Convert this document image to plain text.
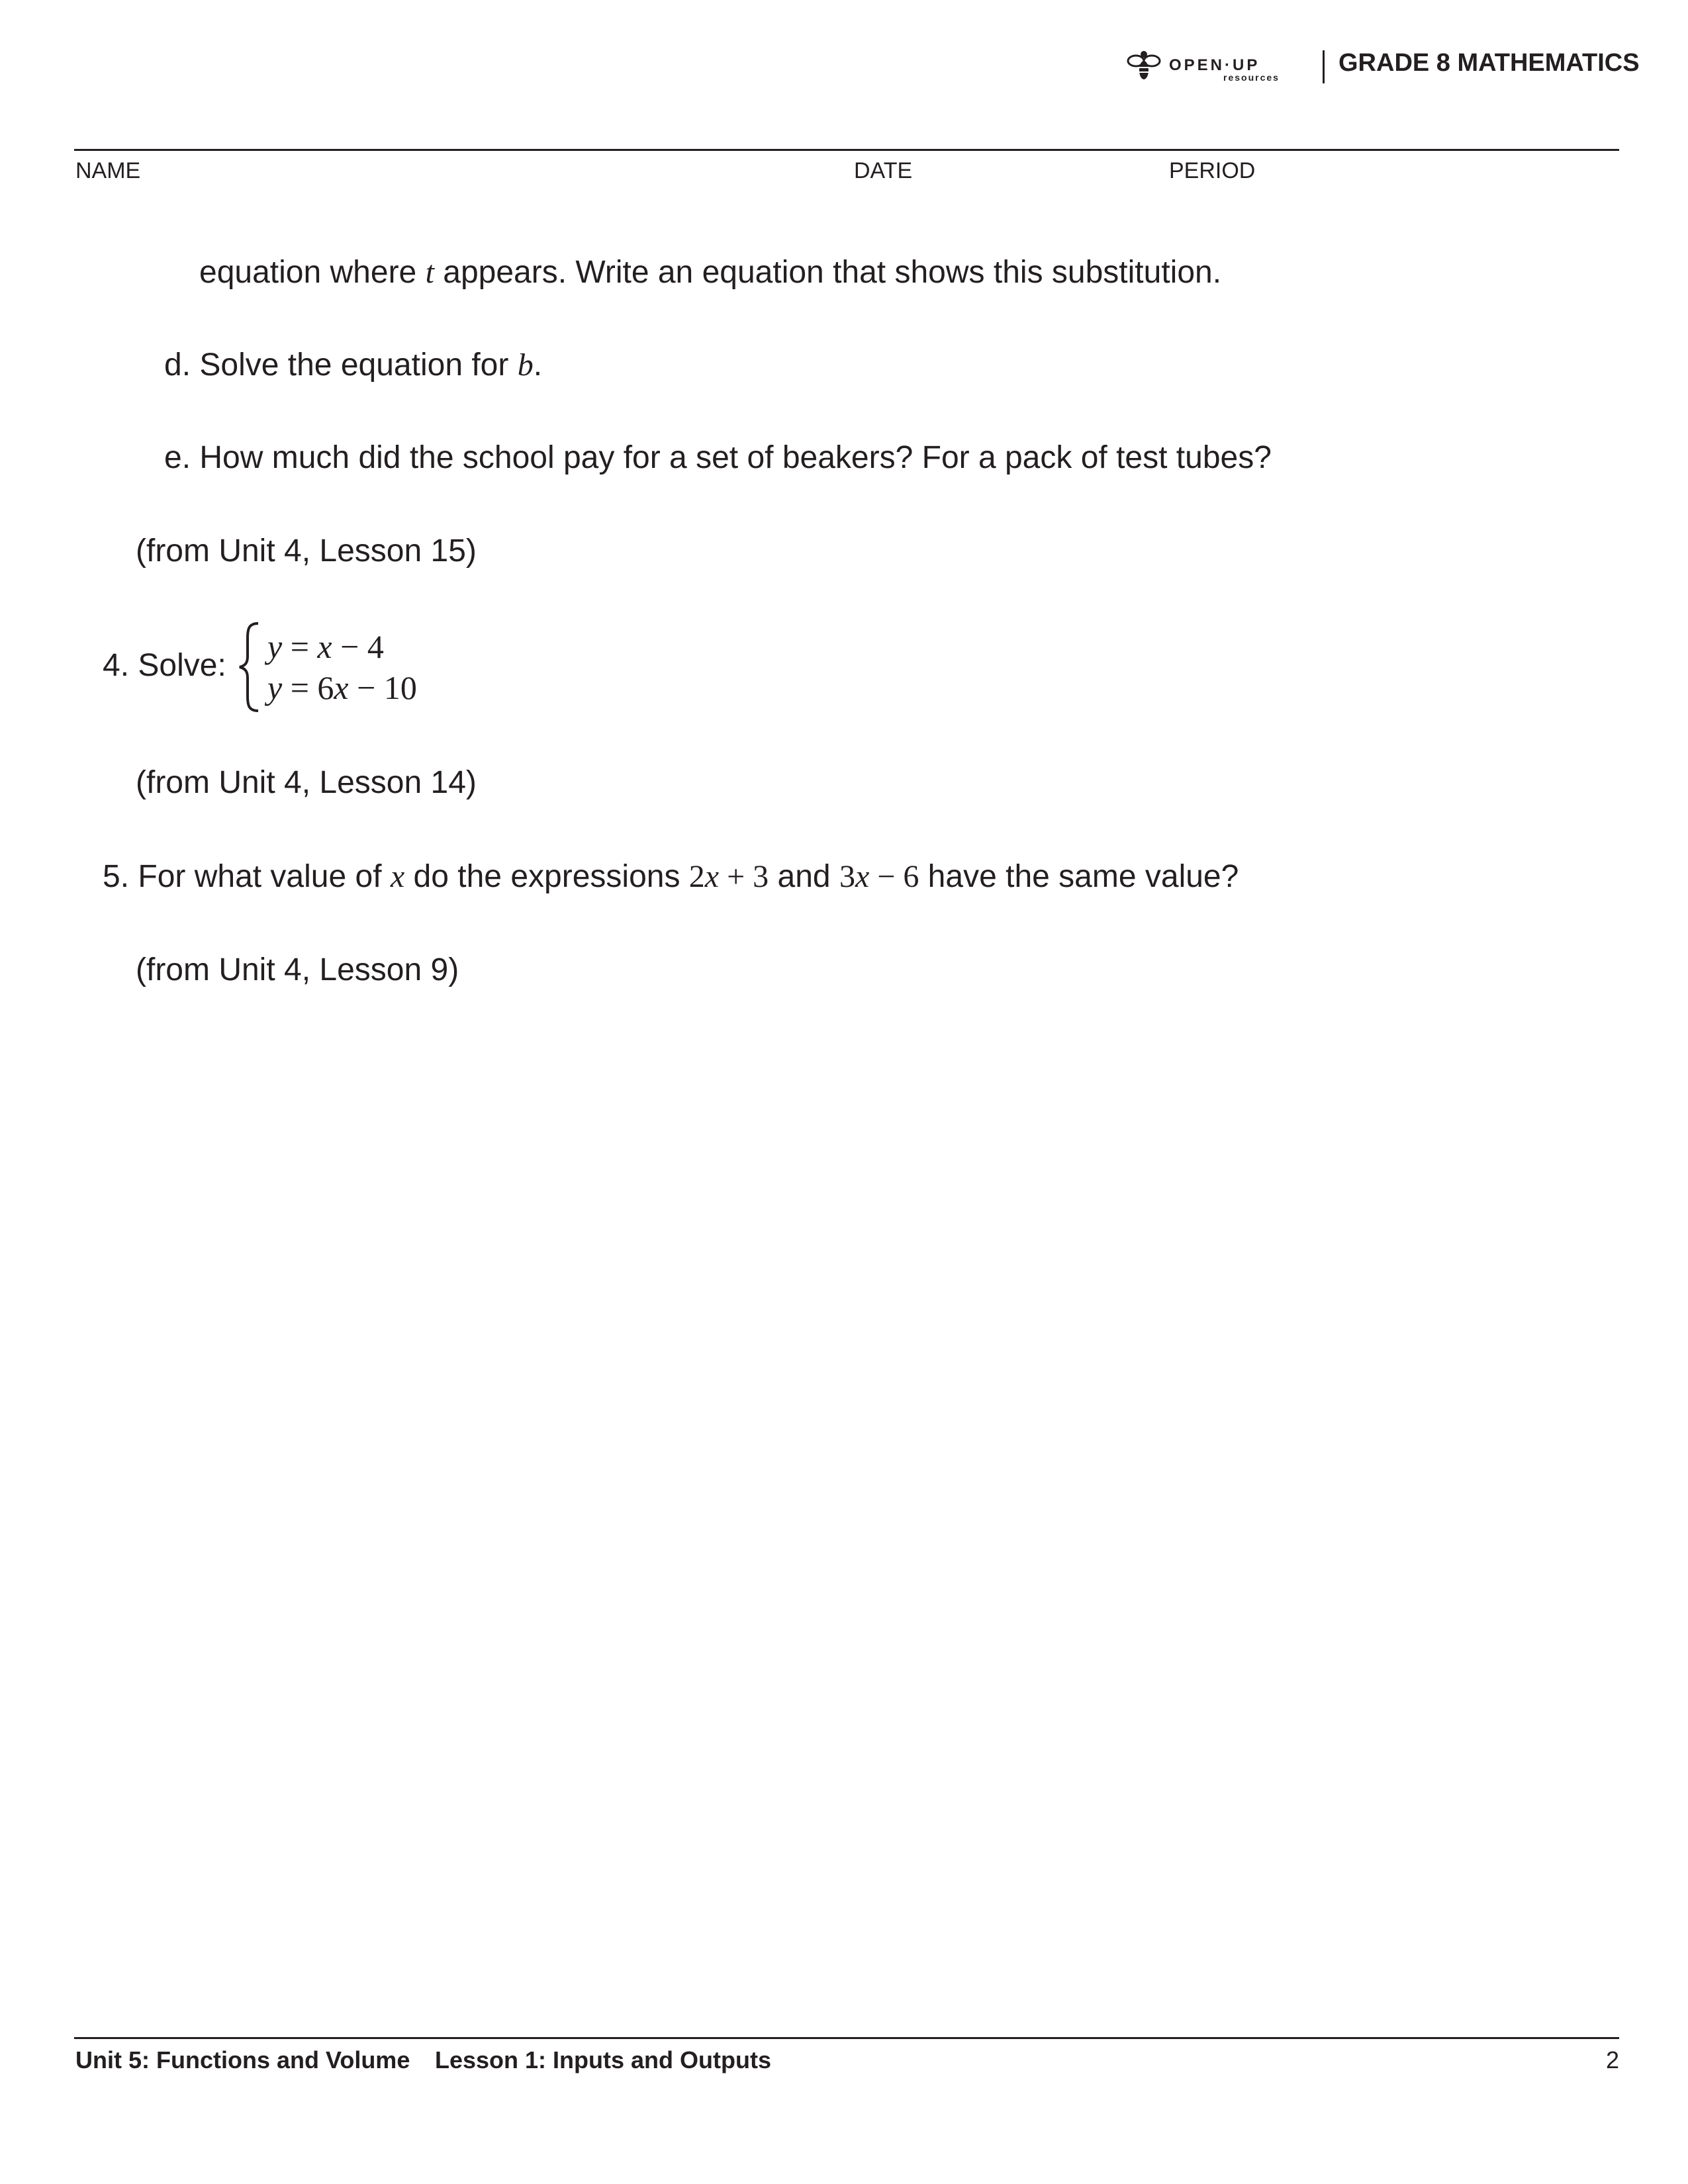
OPEN·UP
resources
GRADE 8 MATHEMATICS
NAME	DATE	PERIOD
equation where t appears. Write an equation that shows this substitution.
d. Solve the equation for b.
e. How much did the school pay for a set of beakers? For a pack of test tubes?
(from Unit 4, Lesson 15)
4. Solve:
y = x − 4
y = 6x − 10
(from Unit 4, Lesson 14)
5. For what value of x do the expressions 2x + 3 and 3x − 6 have the same value?
(from Unit 4, Lesson 9)
Unit 5: Functions and Volume Lesson 1: Inputs and Outputs	2
